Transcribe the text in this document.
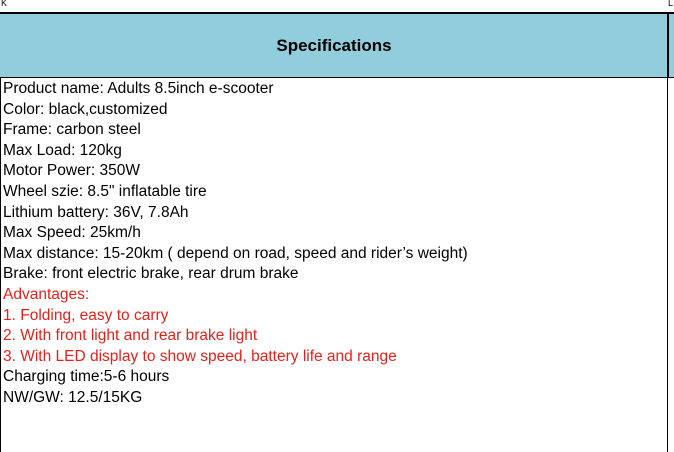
K	L
Specifications
Product name: Adults 8.5inch e-scooter
Color: black,customized
Frame: carbon steel
Max Load: 120kg
Motor Power: 350W
Wheel szie: 8.5" inflatable tire
Lithium battery: 36V, 7.8Ah
Max Speed: 25km/h
Max distance: 15-20km ( depend on road, speed and rider’s weight)
Brake: front electric brake, rear drum brake
Advantages:
1. Folding, easy to carry
2. With front light and rear brake light
3. With LED display to show speed, battery life and range
Charging time:5-6 hours
NW/GW: 12.5/15KG
